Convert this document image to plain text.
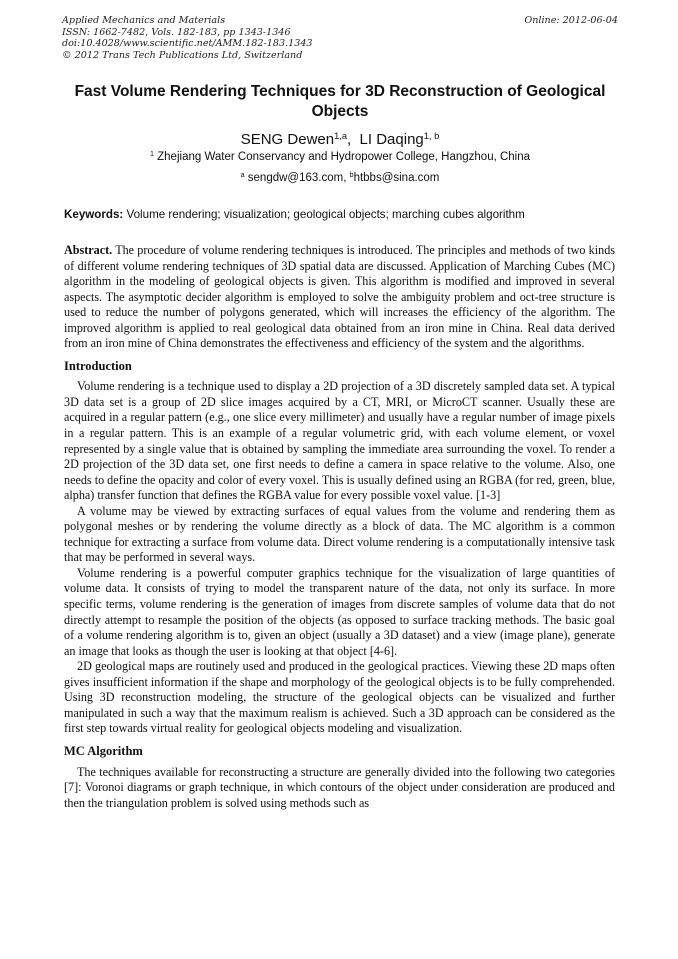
Applied Mechanics and Materials
ISSN: 1662-7482, Vols. 182-183, pp 1343-1346
doi:10.4028/www.scientific.net/AMM.182-183.1343
© 2012 Trans Tech Publications Ltd, Switzerland
Online: 2012-06-04
Fast Volume Rendering Techniques for 3D Reconstruction of Geological Objects
SENG Dewen$^{1,a}$,  LI Daqing$^{1, b}$
$^1$ Zhejiang Water Conservancy and Hydropower College, Hangzhou, China
$^a$ sengdw@163.com, $^b$htbbs@sina.com
Keywords: Volume rendering; visualization; geological objects; marching cubes algorithm

Abstract. The procedure of volume rendering techniques is introduced. The principles and methods of two kinds of different volume rendering techniques of 3D spatial data are discussed. Application of Marching Cubes (MC) algorithm in the modeling of geological objects is given. This algorithm is modified and improved in several aspects. The asymptotic decider algorithm is employed to solve the ambiguity problem and oct-tree structure is used to reduce the number of polygons generated, which will increases the efficiency of the algorithm. The improved algorithm is applied to real geological data obtained from an iron mine in China. Real data derived from an iron mine of China demonstrates the effectiveness and efficiency of the system and the algorithms.

Introduction

Volume rendering is a technique used to display a 2D projection of a 3D discretely sampled data set. A typical 3D data set is a group of 2D slice images acquired by a CT, MRI, or MicroCT scanner. Usually these are acquired in a regular pattern (e.g., one slice every millimeter) and usually have a regular number of image pixels in a regular pattern. This is an example of a regular volumetric grid, with each volume element, or voxel represented by a single value that is obtained by sampling the immediate area surrounding the voxel. To render a 2D projection of the 3D data set, one first needs to define a camera in space relative to the volume. Also, one needs to define the opacity and color of every voxel. This is usually defined using an RGBA (for red, green, blue, alpha) transfer function that defines the RGBA value for every possible voxel value. [1-3]

A volume may be viewed by extracting surfaces of equal values from the volume and rendering them as polygonal meshes or by rendering the volume directly as a block of data. The MC algorithm is a common technique for extracting a surface from volume data. Direct volume rendering is a computationally intensive task that may be performed in several ways.

Volume rendering is a powerful computer graphics technique for the visualization of large quantities of volume data. It consists of trying to model the transparent nature of the data, not only its surface. In more specific terms, volume rendering is the generation of images from discrete samples of volume data that do not directly attempt to resample the position of the objects (as opposed to surface tracking methods. The basic goal of a volume rendering algorithm is to, given an object (usually a 3D dataset) and a view (image plane), generate an image that looks as though the user is looking at that object [4-6].

2D geological maps are routinely used and produced in the geological practices. Viewing these 2D maps often gives insufficient information if the shape and morphology of the geological objects is to be fully comprehended. Using 3D reconstruction modeling, the structure of the geological objects can be visualized and further manipulated in such a way that the maximum realism is achieved. Such a 3D approach can be considered as the first step towards virtual reality for geological objects modeling and visualization.

MC Algorithm

The techniques available for reconstructing a structure are generally divided into the following two categories [7]: Voronoi diagrams or graph technique, in which contours of the object under consideration are produced and then the triangulation problem is solved using methods such as
